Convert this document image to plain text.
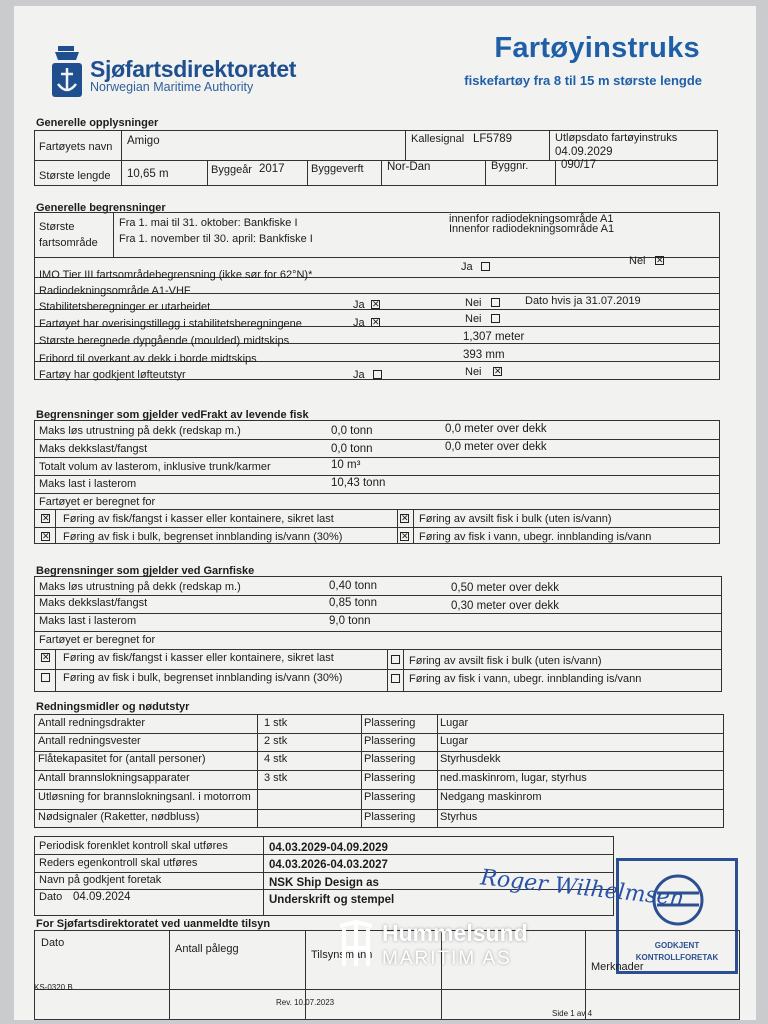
Sjøfartsdirektoratet
Norwegian Maritime Authority
Fartøyinstruks
fiskefartøy fra 8 til 15 m største lengde
Generelle opplysninger
Fartøyets navn Amigo	Kallesignal LF5789	Utløpsdato fartøyinstruks
04.09.2029
Største lengde 10,65 m	Byggeår 2017 Byggeverft Nor-Dan	Byggnr.	090/17
Generelle begrensninger
Største
fartsområde
Fra 1. mai til 31. oktober: Bankfiske I
Fra 1. november til 30. april: Bankfiske I
innenfor radiodekningsområde A1
Innenfor radiodekningsområde A1
IMO Tier III fartsområdebegrensning (ikke sør for 62°N)*
Ja	Nei ✕
Radiodekningsområde A1-VHF
Stabilitetsberegninger er utarbeidet	Ja ✕	Nei	Dato hvis ja 31.07.2019
Fartøyet har overisingstillegg i stabilitetsberegningene	Ja ✕	Nei
Største beregnede dypgående (moulded) midtskips	1,307 meter
Fribord til overkant av dekk i borde midtskips	393 mm
Fartøy har godkjent løfteutstyr	Ja	Nei ✕
Begrensninger som gjelder vedFrakt av levende fisk
Maks løs utrustning på dekk (redskap m.)	0,0 tonn	0,0 meter over dekk
Maks dekkslast/fangst	0,0 tonn	0,0 meter over dekk
Totalt volum av lasterom, inklusive trunk/karmer	10 m³
Maks last i lasterom	10,43 tonn
Fartøyet er beregnet for
✕ Føring av fisk/fangst i kasser eller kontainere, sikret last	✕ Føring av avsilt fisk i bulk (uten is/vann)
✕ Føring av fisk i bulk, begrenset innblanding is/vann (30%)	✕ Føring av fisk i vann, ubegr. innblanding is/vann
Begrensninger som gjelder ved Garnfiske
Maks løs utrustning på dekk (redskap m.)	0,40 tonn	0,50 meter over dekk
Maks dekkslast/fangst	0,85 tonn	0,30 meter over dekk
Maks last i lasterom	9,0 tonn
Fartøyet er beregnet for
✕ Føring av fisk/fangst i kasser eller kontainere, sikret last	Føring av avsilt fisk i bulk (uten is/vann)
Føring av fisk i bulk, begrenset innblanding is/vann (30%)	Føring av fisk i vann, ubegr. innblanding is/vann
Redningsmidler og nødutstyr
Antall redningsdrakter	1 stk	Plassering Lugar
Antall redningsvester	2 stk	Plassering Lugar
Flåtekapasitet for (antall personer)	4 stk	Plassering Styrhusdekk
Antall brannslokningsapparater	3 stk	Plassering ned.maskinrom, lugar, styrhus
Utløsning for brannslokningsanl. i motorrom	Plassering Nedgang maskinrom
Nødsignaler (Raketter, nødbluss)	Plassering Styrhus
Periodisk forenklet kontroll skal utføres	04.03.2029-04.09.2029
Reders egenkontroll skal utføres	04.03.2026-04.03.2027
Navn på godkjent foretak	NSK Ship Design as
Dato 04.09.2024	Underskrift og stempel	Roger Wilhelmsen
GODKJENT
KONTROLLFORETAK
For Sjøfartsdirektoratet ved uanmeldte tilsyn
Dato	Antall pålegg	Tilsynsmann
Merknader
Hummelsund
MARITIM AS
KS-0320 B
Rev. 10.07.2023
Side 1 av 4
